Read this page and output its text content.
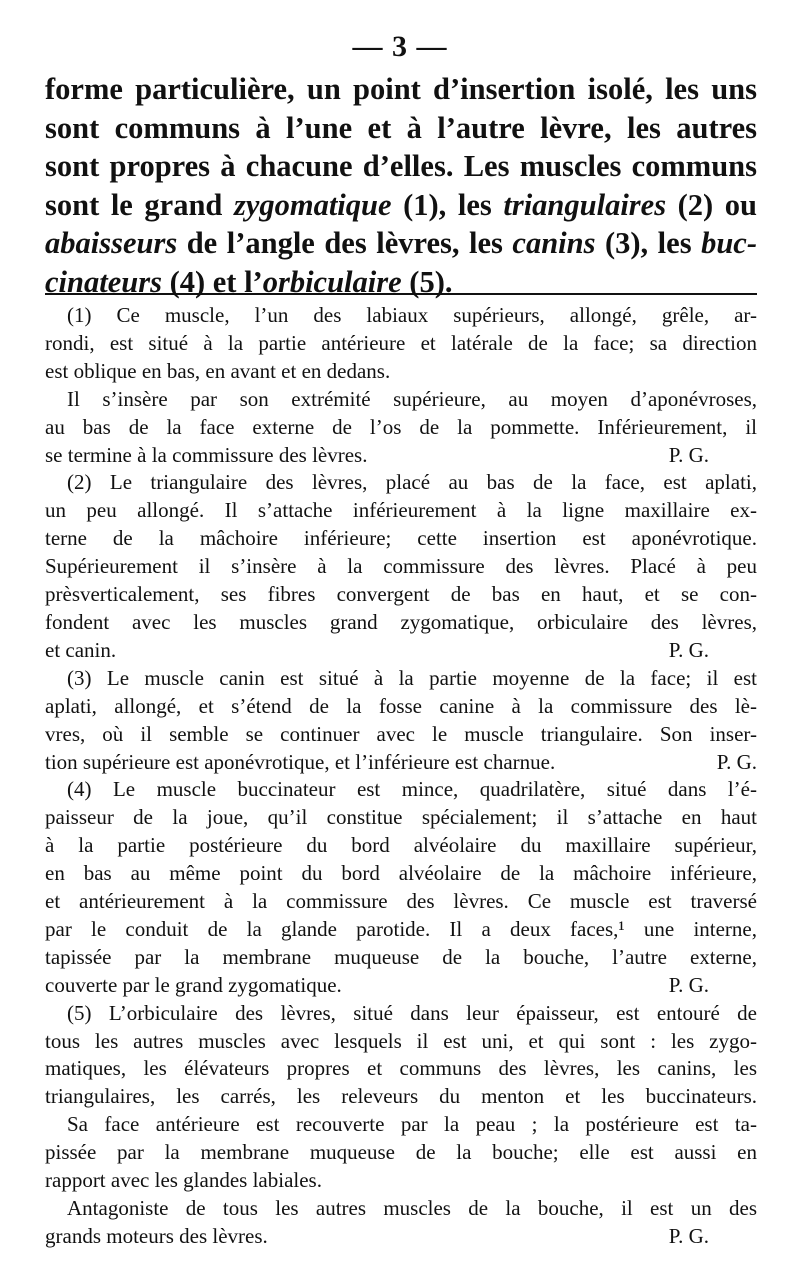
— 3 —
forme particulière, un point d’insertion isolé, les uns
sont communs à l’une et à l’autre lèvre, les autres
sont propres à chacune d’elles. Les muscles communs
sont le grand zygomatique (1), les triangulaires (2) ou
abaisseurs de l’angle des lèvres, les canins (3), les buc-
cinateurs (4) et l’orbiculaire (5).
(1) Ce muscle, l’un des labiaux supérieurs, allongé, grêle, ar-
rondi, est situé à la partie antérieure et latérale de la face; sa direction
est oblique en bas, en avant et en dedans.
Il s’insère par son extrémité supérieure, au moyen d’aponévroses,
au bas de la face externe de l’os de la pommette. Inférieurement, il
se termine à la commissure des lèvres.	P. G.
(2) Le triangulaire des lèvres, placé au bas de la face, est aplati,
un peu allongé. Il s’attache inférieurement à la ligne maxillaire ex-
terne de la mâchoire inférieure; cette insertion est aponévrotique.
Supérieurement il s’insère à la commissure des lèvres. Placé à peu
prèsverticalement, ses fibres convergent de bas en haut, et se con-
fondent avec les muscles grand zygomatique, orbiculaire des lèvres,
et canin.	P. G.
(3) Le muscle canin est situé à la partie moyenne de la face; il est
aplati, allongé, et s’étend de la fosse canine à la commissure des lè-
vres, où il semble se continuer avec le muscle triangulaire. Son inser-
tion supérieure est aponévrotique, et l’inférieure est charnue.	P. G.
(4) Le muscle buccinateur est mince, quadrilatère, situé dans l’é-
paisseur de la joue, qu’il constitue spécialement; il s’attache en haut
à la partie postérieure du bord alvéolaire du maxillaire supérieur,
en bas au même point du bord alvéolaire de la mâchoire inférieure,
et antérieurement à la commissure des lèvres. Ce muscle est traversé
par le conduit de la glande parotide. Il a deux faces,¹ une interne,
tapissée par la membrane muqueuse de la bouche, l’autre externe,
couverte par le grand zygomatique.	P. G.
(5) L’orbiculaire des lèvres, situé dans leur épaisseur, est entouré de
tous les autres muscles avec lesquels il est uni, et qui sont : les zygo-
matiques, les élévateurs propres et communs des lèvres, les canins, les
triangulaires, les carrés, les releveurs du menton et les buccinateurs.
Sa face antérieure est recouverte par la peau ; la postérieure est ta-
pissée par la membrane muqueuse de la bouche; elle est aussi en
rapport avec les glandes labiales.
Antagoniste de tous les autres muscles de la bouche, il est un des
grands moteurs des lèvres.	P. G.
